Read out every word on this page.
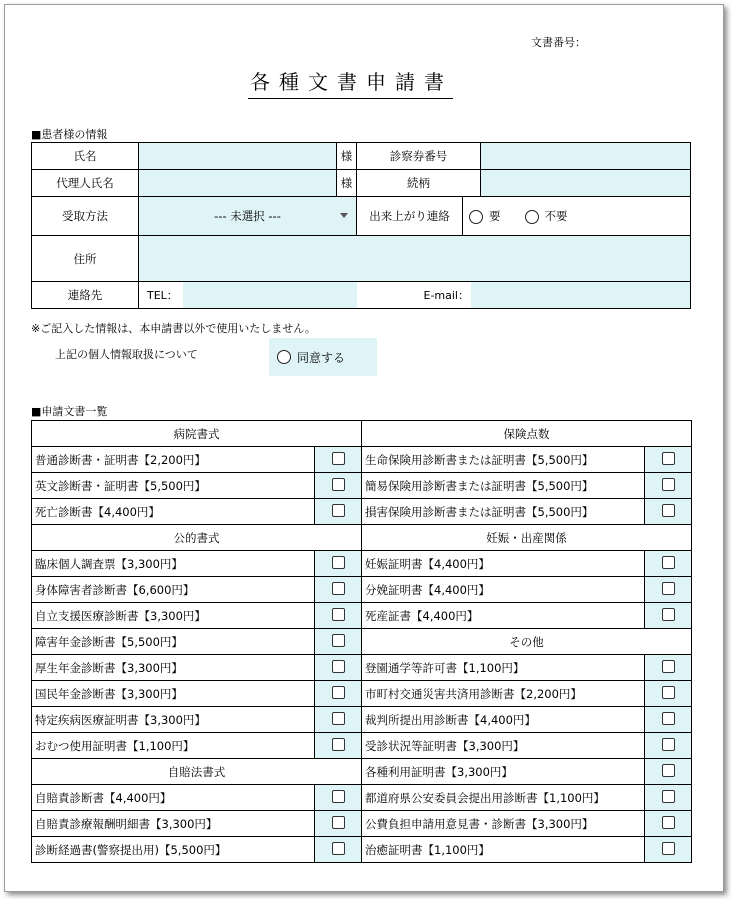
文書番号：
各種文書申請書
■患者様の情報
氏名		様	診察券番号		
代理人氏名		様	続柄		
受取方法	--- 未選択 ---		出来上がり連絡	要 不要	
住所					
連絡先	TEL： E-mail：				
※ご記入した情報は、本申請書以外で使用いたしません。
上記の個人情報取扱について	同意する
■申請文書一覧
病院書式		保険点数	
普通診断書・証明書【2,200円】		生命保険用診断書または証明書【5,500円】	
英文診断書・証明書【5,500円】		簡易保険用診断書または証明書【5,500円】	
死亡診断書【4,400円】		損害保険用診断書または証明書【5,500円】	
公的書式		妊娠・出産関係	
臨床個人調査票【3,300円】		妊娠証明書【4,400円】	
身体障害者診断書【6,600円】		分娩証明書【4,400円】	
自立支援医療診断書【3,300円】		死産証書【4,400円】	
障害年金診断書【5,500円】		その他	
厚生年金診断書【3,300円】		登園通学等許可書【1,100円】	
国民年金診断書【3,300円】		市町村交通災害共済用診断書【2,200円】	
特定疾病医療証明書【3,300円】		裁判所提出用診断書【4,400円】	
おむつ使用証明書【1,100円】		受診状況等証明書【3,300円】	
自賠法書式		各種利用証明書【3,300円】	
自賠責診断書【4,400円】		都道府県公安委員会提出用診断書【1,100円】	
自賠責診療報酬明細書【3,300円】		公費負担申請用意見書・診断書【3,300円】	
診断経過書(警察提出用)【5,500円】		治癒証明書【1,100円】	
